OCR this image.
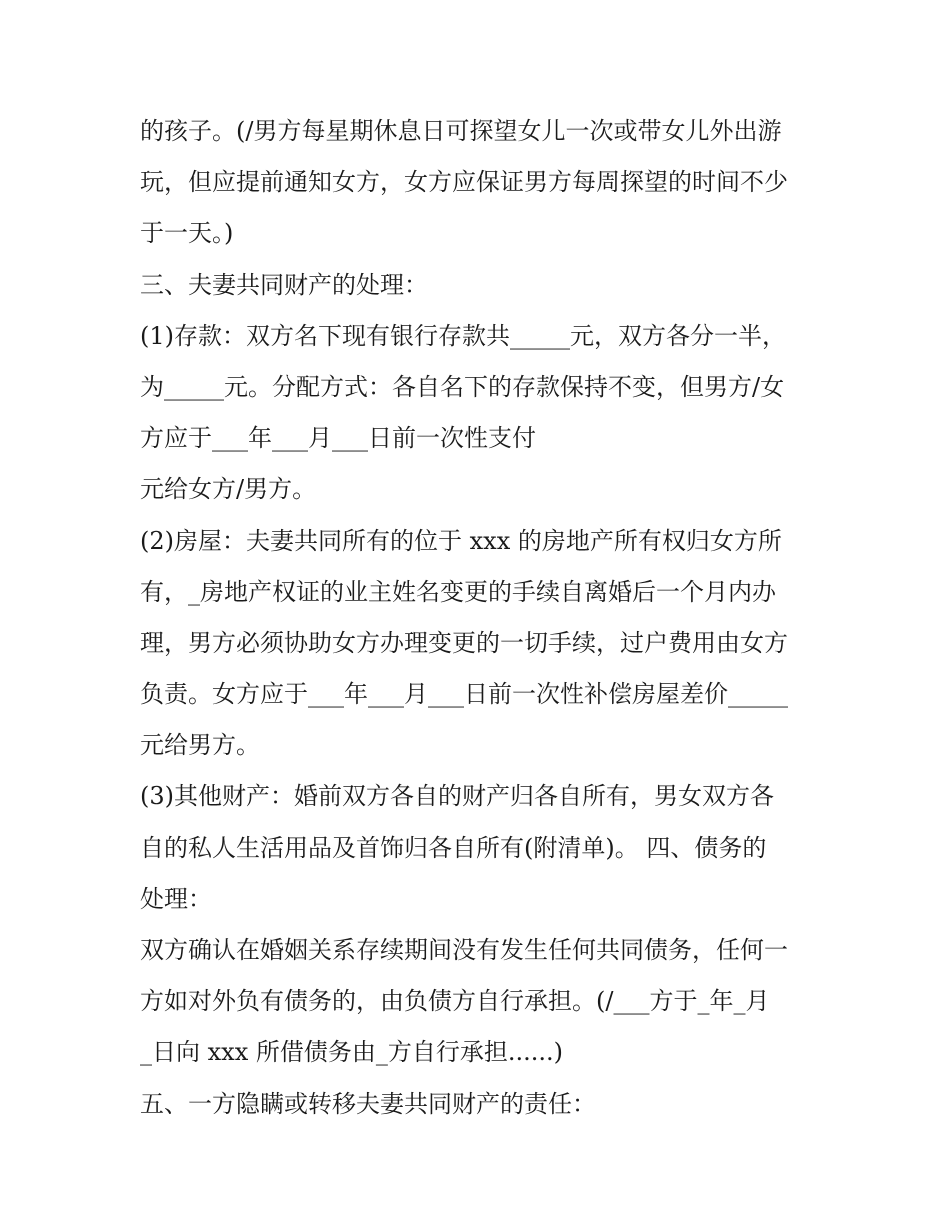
的孩子。(/男方每星期休息日可探望女儿一次或带女儿外出游
玩，但应提前通知女方，女方应保证男方每周探望的时间不少
于一天。)
三、夫妻共同财产的处理：
(1)存款：双方名下现有银行存款共_____元，双方各分一半，
为_____元。分配方式：各自名下的存款保持不变，但男方/女
方应于___年___月___日前一次性支付
元给女方/男方。
(2)房屋：夫妻共同所有的位于 xxx 的房地产所有权归女方所
有，_房地产权证的业主姓名变更的手续自离婚后一个月内办
理，男方必须协助女方办理变更的一切手续，过户费用由女方
负责。女方应于___年___月___日前一次性补偿房屋差价_____
元给男方。
(3)其他财产：婚前双方各自的财产归各自所有，男女双方各
自的私人生活用品及首饰归各自所有(附清单)。 四、债务的
处理：
双方确认在婚姻关系存续期间没有发生任何共同债务，任何一
方如对外负有债务的，由负债方自行承担。(/___方于_年_月
_日向 xxx 所借债务由_方自行承担......)
五、一方隐瞒或转移夫妻共同财产的责任：
